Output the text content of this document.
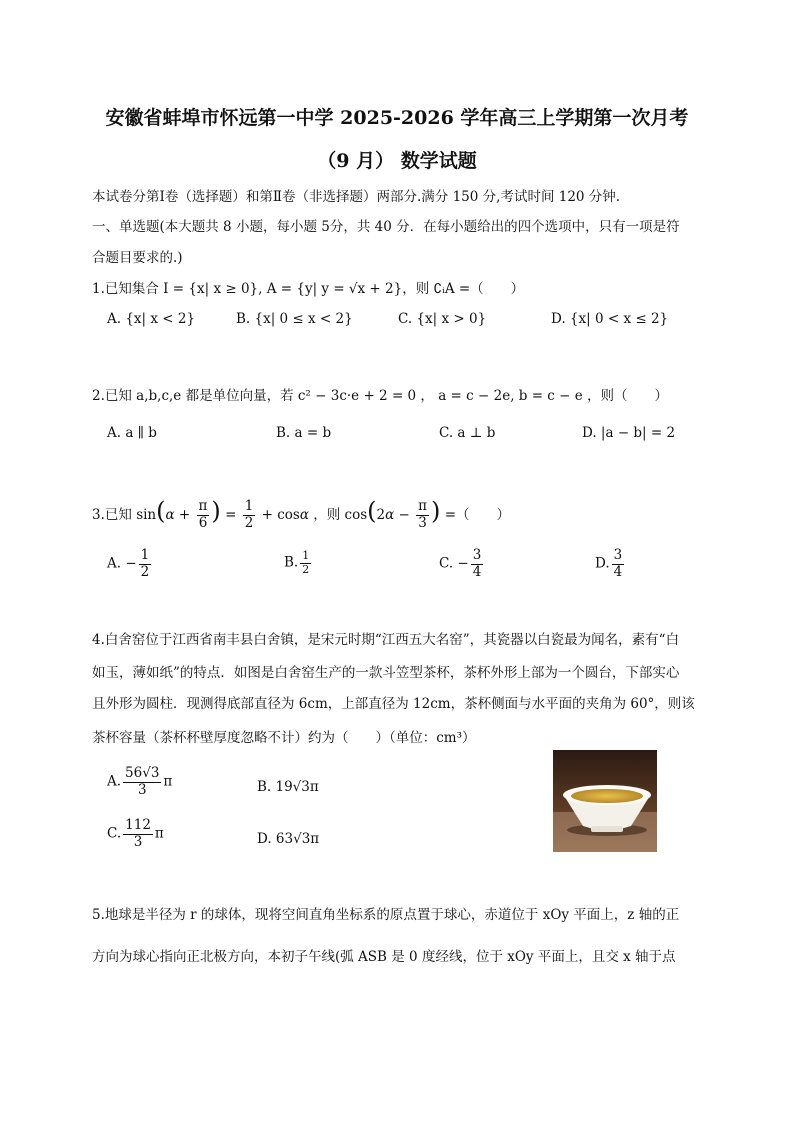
安徽省蚌埠市怀远第一中学 2025-2026 学年高三上学期第一次月考
（9 月） 数学试题
本试卷分第Ⅰ卷（选择题）和第Ⅱ卷（非选择题）两部分.满分 150 分,考试时间 120 分钟.
一、单选题(本大题共 8 小题，每小题 5分，共 40 分．在每小题给出的四个选项中，只有一项是符
合题目要求的.)
1.已知集合 I = {x| x ≥ 0}, A = {y| y = √x + 2}，则 ∁ᵢA =（　　）
A. {x| x < 2}	B. {x| 0 ≤ x < 2}	C. {x| x > 0}	D. {x| 0 < x ≤ 2}
2.已知 a,b,c,e 都是单位向量，若 c² − 3c·e + 2 = 0 ， a = c − 2e, b = c − e ，则（　　）
A. a ∥ b	B. a = b	C. a ⊥ b	D. |a − b| = 2
3.已知 $\sin(\alpha + \frac{\pi}{6}$ ) = $\frac{1}{2} + \cos\alpha$ ，则 $\cos(2\alpha - \frac{\pi}{3}$ ) =（　　）
A. − $\frac{1}{2}$	B. $\frac{1}{2}$	C. − $\frac{3}{4}$	D. $\frac{3}{4}$
4.白舍窑位于江西省南丰县白舍镇，是宋元时期“江西五大名窑”，其瓷器以白瓷最为闻名，素有“白
如玉，薄如纸”的特点．如图是白舍窑生产的一款斗笠型茶杯，茶杯外形上部为一个圆台，下部实心
且外形为圆柱．现测得底部直径为 6cm，上部直径为 12cm，茶杯侧面与水平面的夹角为 60°，则该
茶杯容量（茶杯杯壁厚度忽略不计）约为（　　）（单位：cm³）
A. $\frac{56√3}{3}$ π	B. 19√3π
C. $\frac{112}{3}$ π	D. 63√3π
5.地球是半径为 r 的球体，现将空间直角坐标系的原点置于球心，赤道位于 xOy 平面上，z 轴的正
方向为球心指向正北极方向，本初子午线(弧 ASB 是 0 度经线，位于 xOy 平面上，且交 x 轴于点
